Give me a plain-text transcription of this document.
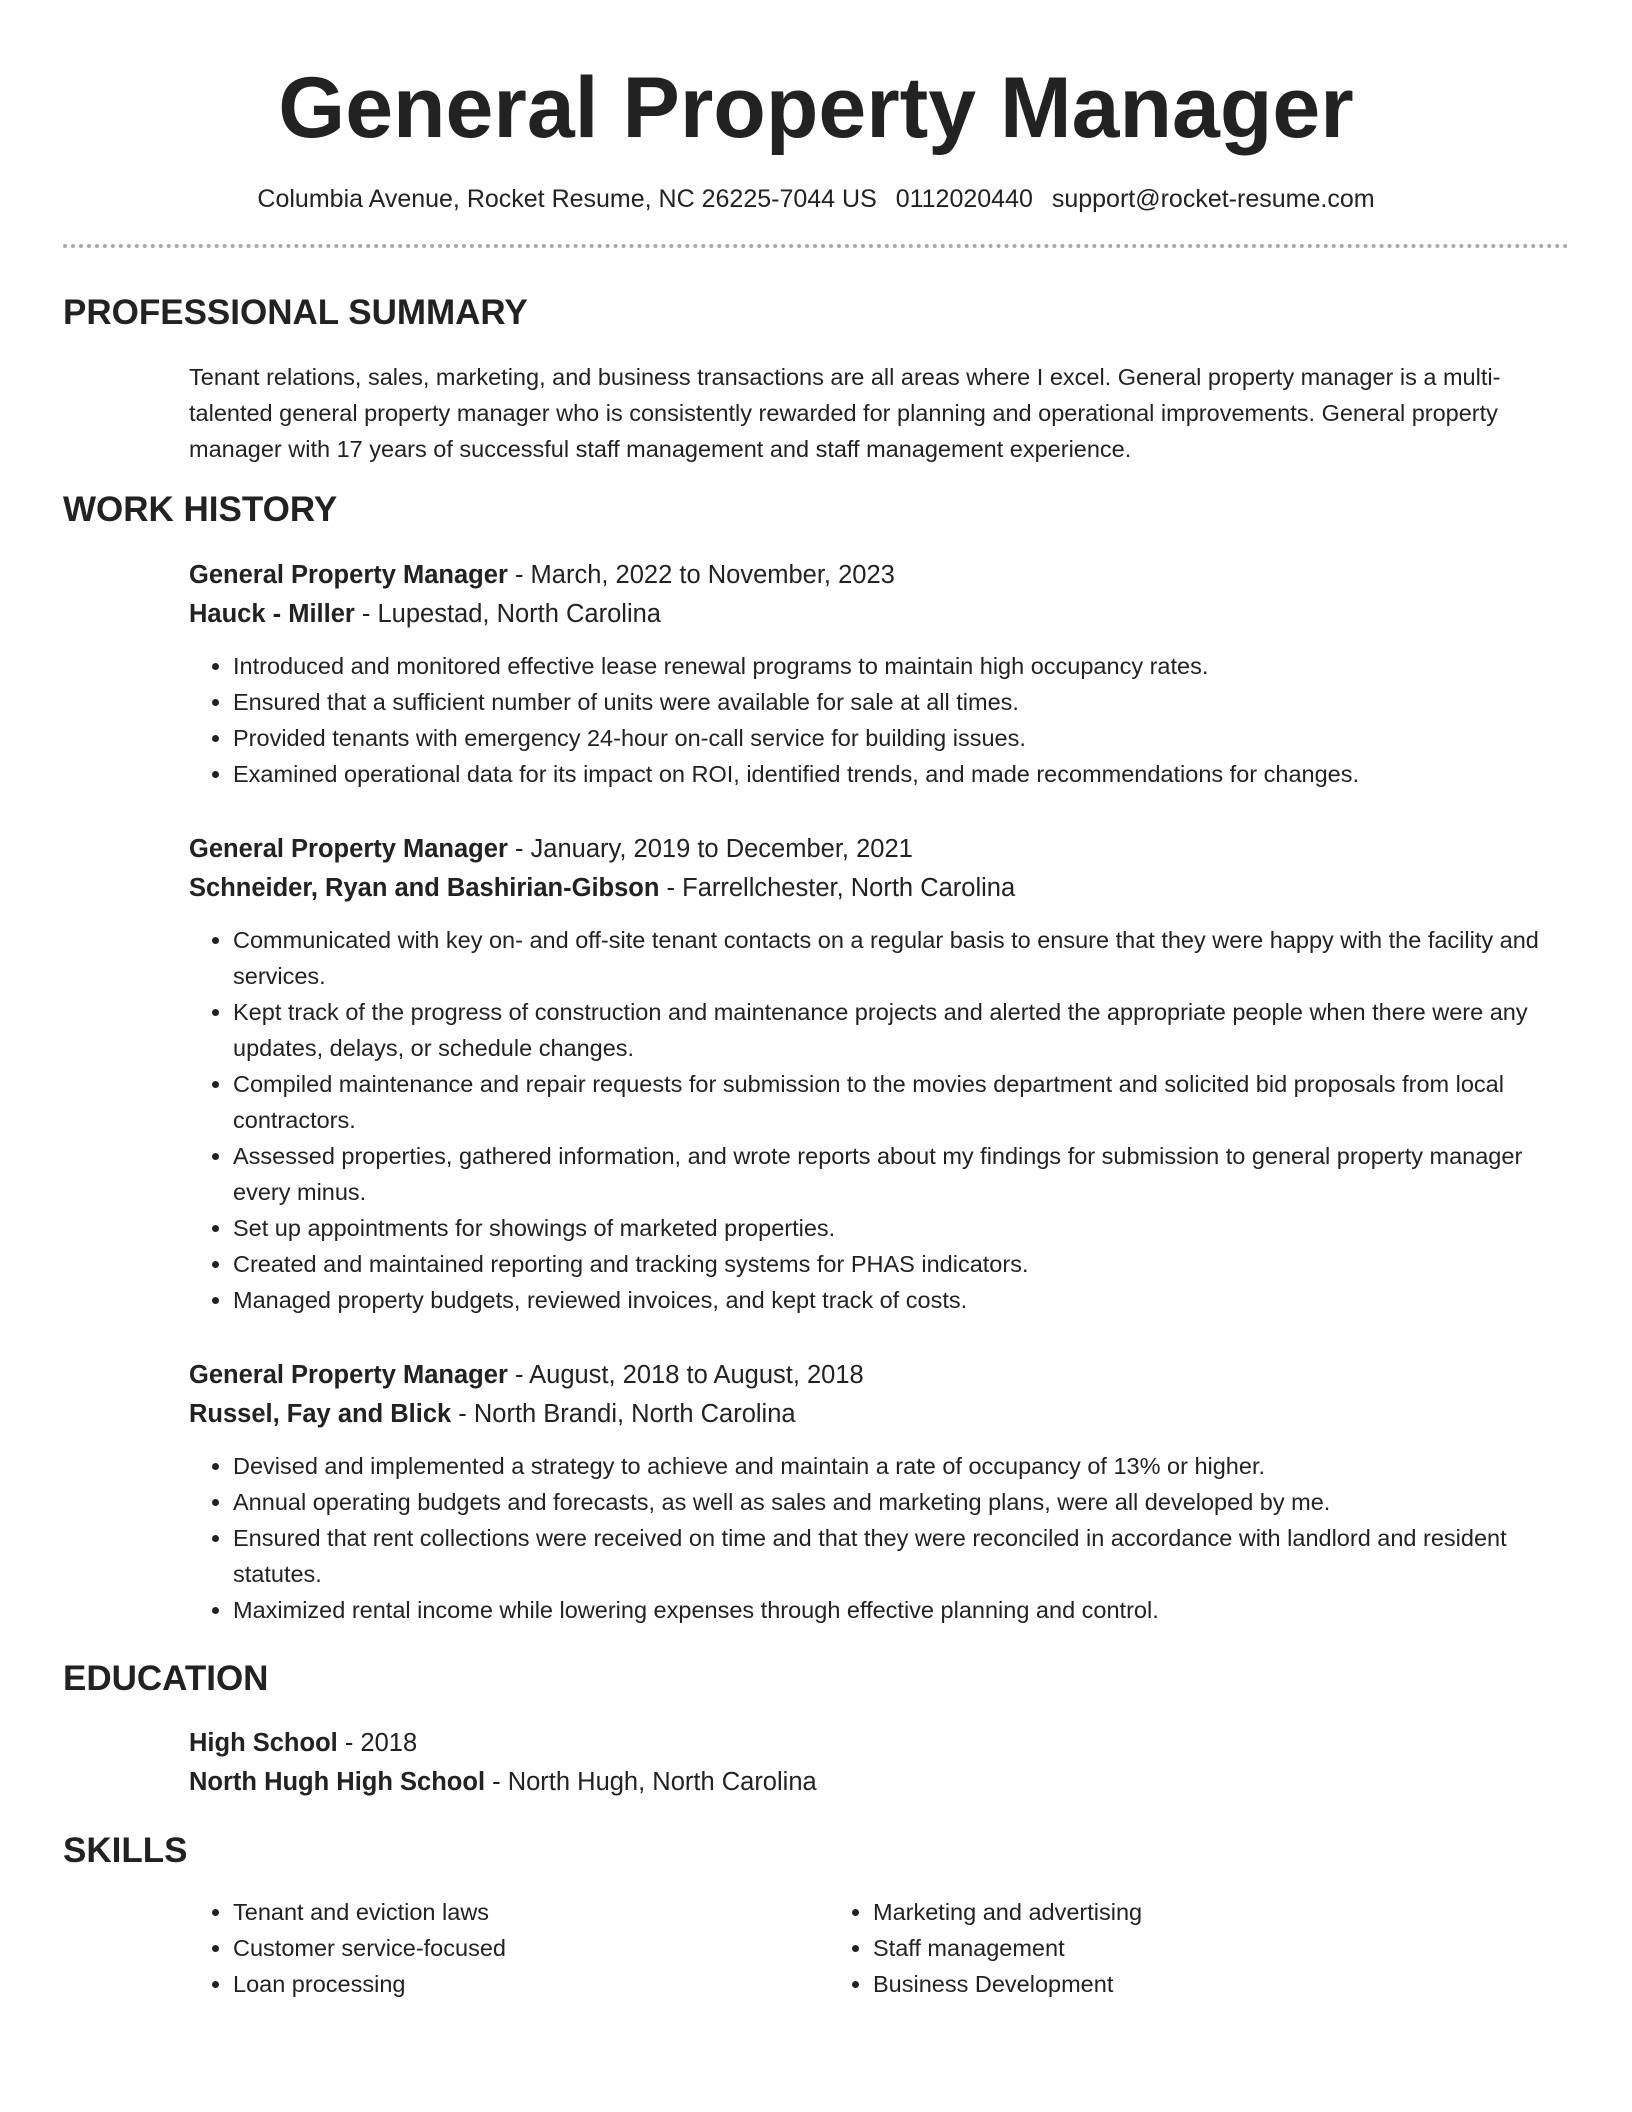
General Property Manager
Columbia Avenue, Rocket Resume, NC 26225-7044 US 0112020440 support@rocket-resume.com
PROFESSIONAL SUMMARY
Tenant relations, sales, marketing, and business transactions are all areas where I excel. General property manager is a multi-talented general property manager who is consistently rewarded for planning and operational improvements. General property manager with 17 years of successful staff management and staff management experience.
WORK HISTORY
General Property Manager - March, 2022 to November, 2023
Hauck - Miller - Lupestad, North Carolina
• Introduced and monitored effective lease renewal programs to maintain high occupancy rates.
• Ensured that a sufficient number of units were available for sale at all times.
• Provided tenants with emergency 24-hour on-call service for building issues.
• Examined operational data for its impact on ROI, identified trends, and made recommendations for changes.
General Property Manager - January, 2019 to December, 2021
Schneider, Ryan and Bashirian-Gibson - Farrellchester, North Carolina
• Communicated with key on- and off-site tenant contacts on a regular basis to ensure that they were happy with the facility and services.
• Kept track of the progress of construction and maintenance projects and alerted the appropriate people when there were any updates, delays, or schedule changes.
• Compiled maintenance and repair requests for submission to the movies department and solicited bid proposals from local contractors.
• Assessed properties, gathered information, and wrote reports about my findings for submission to general property manager every minus.
• Set up appointments for showings of marketed properties.
• Created and maintained reporting and tracking systems for PHAS indicators.
• Managed property budgets, reviewed invoices, and kept track of costs.
General Property Manager - August, 2018 to August, 2018
Russel, Fay and Blick - North Brandi, North Carolina
• Devised and implemented a strategy to achieve and maintain a rate of occupancy of 13% or higher.
• Annual operating budgets and forecasts, as well as sales and marketing plans, were all developed by me.
• Ensured that rent collections were received on time and that they were reconciled in accordance with landlord and resident statutes.
• Maximized rental income while lowering expenses through effective planning and control.
EDUCATION
High School - 2018
North Hugh High School - North Hugh, North Carolina
SKILLS
• Tenant and eviction laws
• Customer service-focused
• Loan processing
• Marketing and advertising
• Staff management
• Business Development
